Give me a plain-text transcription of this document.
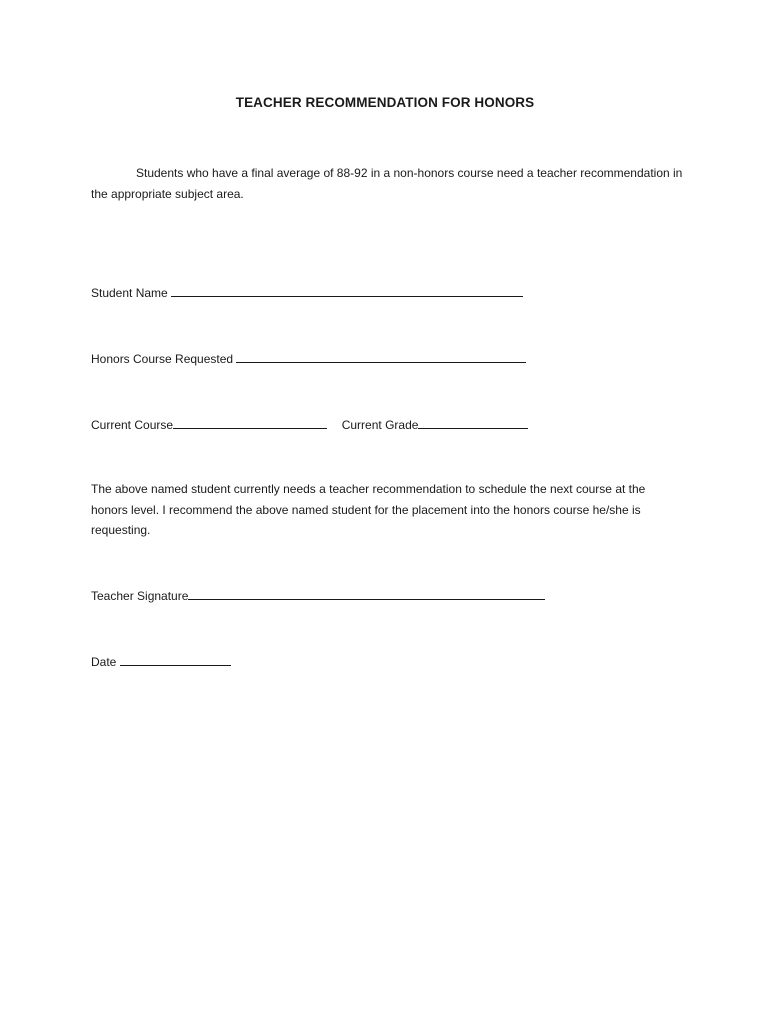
TEACHER RECOMMENDATION FOR HONORS
Students who have a final average of 88-92 in a non-honors course need a teacher recommendation in the appropriate subject area.
Student Name
Honors Course Requested
Current Course	Current Grade
The above named student currently needs a teacher recommendation to schedule the next course at the honors level. I recommend the above named student for the placement into the honors course he/she is requesting.
Teacher Signature
Date
